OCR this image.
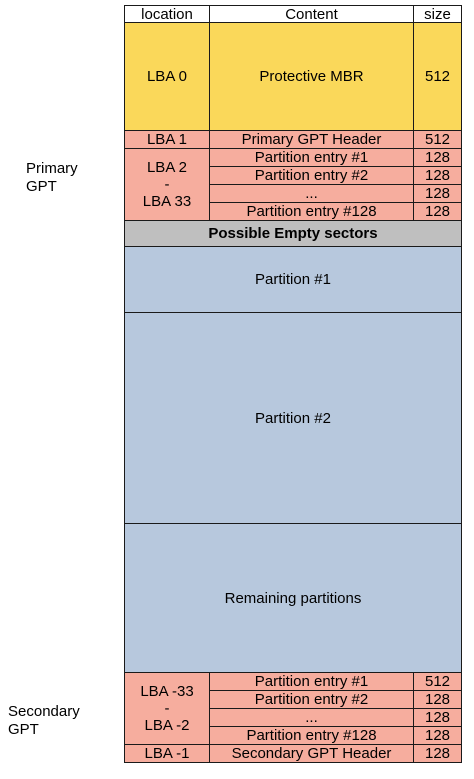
Primary
GPT
Secondary
GPT
location	Content	size
LBA 0	Protective MBR	512
LBA 1	Primary GPT Header	512
LBA 2
-
LBA 33
Partition entry #1	128
Partition entry #2	128
...	128
Partition entry #128	128
Possible Empty sectors
Partition #1
Partition #2
Remaining partitions
LBA -33
-
LBA -2
Partition entry #1	512
Partition entry #2	128
...	128
Partition entry #128	128
LBA -1	Secondary GPT Header	128
